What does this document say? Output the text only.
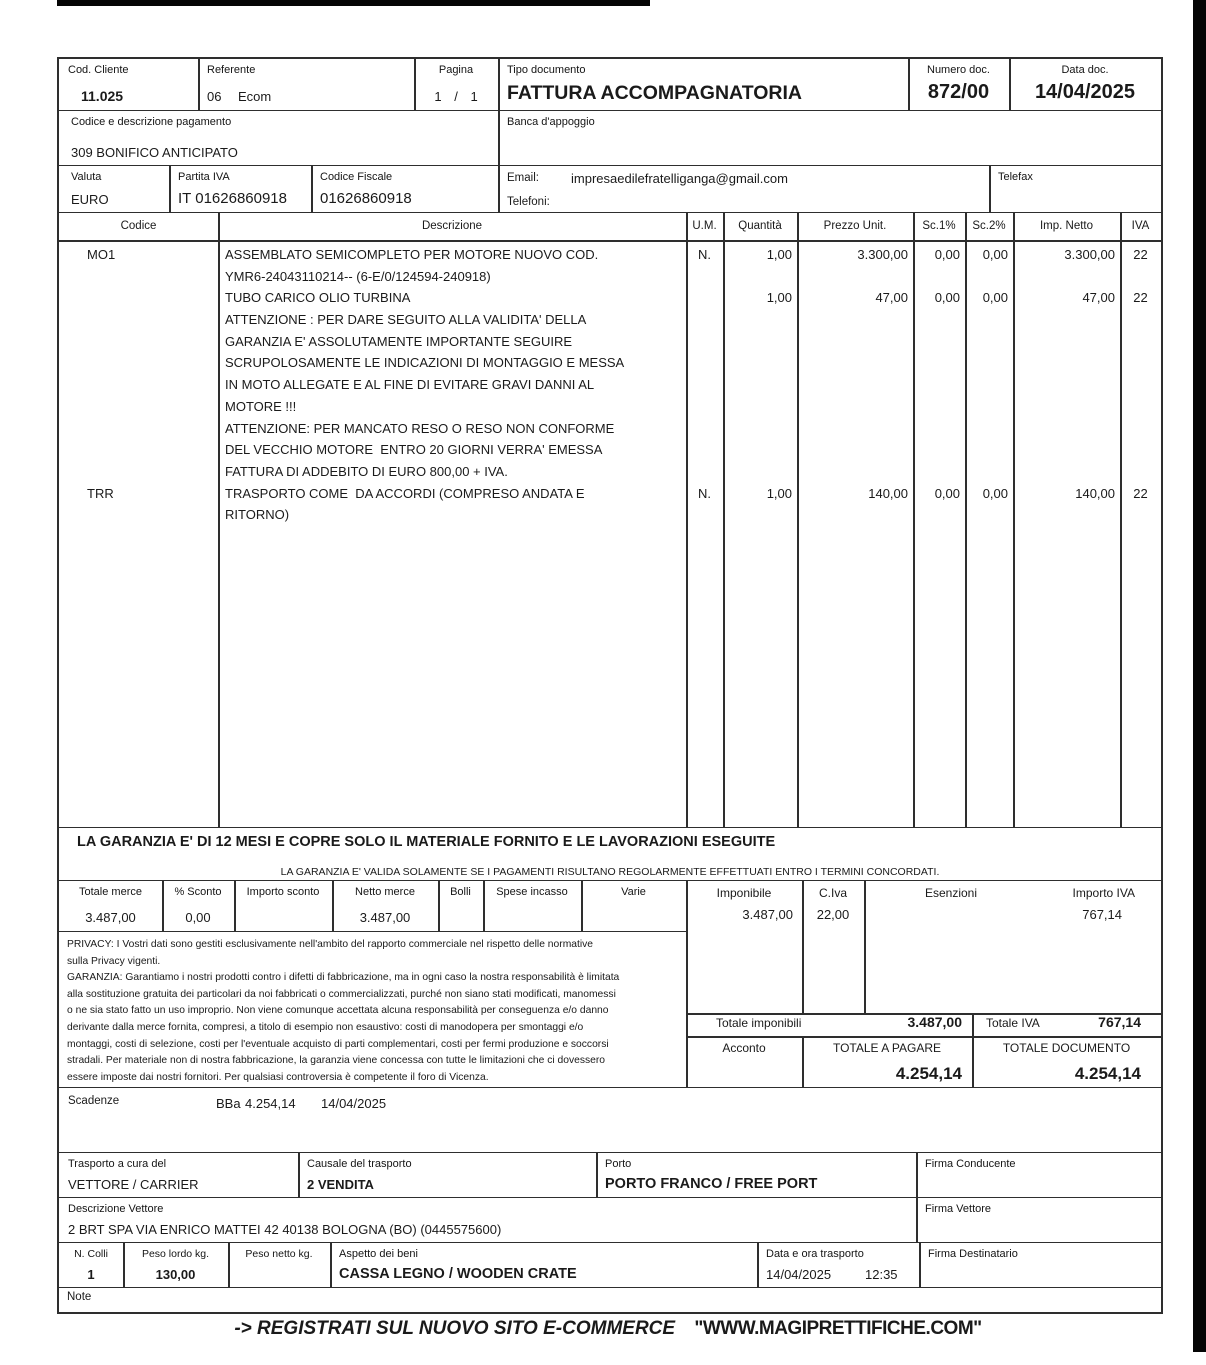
Cod. Cliente
11.025
Referente
06 Ecom
Pagina
1 / 1
Tipo documento
FATTURA ACCOMPAGNATORIA
Numero doc.
872/00
Data doc.
14/04/2025
Codice e descrizione pagamento
309 BONIFICO ANTICIPATO
Banca d'appoggio
Valuta
EURO
Partita IVA
IT 01626860918
Codice Fiscale
01626860918
Email: impresaedilefratelliganga@gmail.com
Telefoni:
Telefax
Codice	Descrizione	U.M.	Quantità	Prezzo Unit.	Sc.1%	Sc.2%	Imp. Netto	IVA
MO1	ASSEMBLATO SEMICOMPLETO PER MOTORE NUOVO COD.	N.	1,00	3.300,00	0,00	0,00	3.300,00	22
YMR6-24043110214-- (6-E/0/124594-240918)
TUBO CARICO OLIO TURBINA	1,00	47,00	0,00	0,00	47,00	22
ATTENZIONE : PER DARE SEGUITO ALLA VALIDITA' DELLA
GARANZIA E' ASSOLUTAMENTE IMPORTANTE SEGUIRE
SCRUPOLOSAMENTE LE INDICAZIONI DI MONTAGGIO E MESSA
IN MOTO ALLEGATE E AL FINE DI EVITARE GRAVI DANNI AL
MOTORE !!!
ATTENZIONE: PER MANCATO RESO O RESO NON CONFORME
DEL VECCHIO MOTORE  ENTRO 20 GIORNI VERRA' EMESSA
FATTURA DI ADDEBITO DI EURO 800,00 + IVA.
TRR	TRASPORTO COME  DA ACCORDI (COMPRESO ANDATA E	N.	1,00	140,00	0,00	0,00	140,00	22
RITORNO)
LA GARANZIA E' DI 12 MESI E COPRE SOLO IL MATERIALE FORNITO E LE LAVORAZIONI ESEGUITE
LA GARANZIA E' VALIDA SOLAMENTE SE I PAGAMENTI RISULTANO REGOLARMENTE EFFETTUATI ENTRO I TERMINI CONCORDATI.
Totale merce
3.487,00
% Sconto
0,00
Importo sconto	Netto merce
3.487,00
Bolli	Spese incasso	Varie
PRIVACY: I Vostri dati sono gestiti esclusivamente nell'ambito del rapporto commerciale nel rispetto delle normative
sulla Privacy vigenti.
GARANZIA: Garantiamo i nostri prodotti contro i difetti di fabbricazione, ma in ogni caso la nostra responsabilità è limitata
alla sostituzione gratuita dei particolari da noi fabbricati o commercializzati, purché non siano stati modificati, manomessi
o ne sia stato fatto un uso improprio. Non viene comunque accettata alcuna responsabilità per conseguenza e/o danno
derivante dalla merce fornita, compresi, a titolo di esempio non esaustivo: costi di manodopera per smontaggi e/o
montaggi, costi di selezione, costi per l'eventuale acquisto di parti complementari, costi per fermi produzione e soccorsi
stradali. Per materiale non di nostra fabbricazione, la garanzia viene concessa con tutte le limitazioni che ci dovessero
essere imposte dai nostri fornitori. Per qualsiasi controversia è competente il foro di Vicenza.
Imponibile
3.487,00
C.Iva
22,00
Esenzioni	Importo IVA
767,14
Totale imponibili	3.487,00 Totale IVA	767,14
Acconto	TOTALE A PAGARE
4.254,14
TOTALE DOCUMENTO
4.254,14
Scadenze	BBa 4.254,14 14/04/2025
Trasporto a cura del
VETTORE / CARRIER
Causale del trasporto
2 VENDITA
Porto
PORTO FRANCO / FREE PORT
Firma Conducente
Descrizione Vettore
2 BRT SPA VIA ENRICO MATTEI 42 40138 BOLOGNA (BO) (0445575600)
Firma Vettore
N. Colli
1
Peso lordo kg.
130,00
Peso netto kg.	Aspetto dei beni
CASSA LEGNO / WOODEN CRATE
Data e ora trasporto
14/04/2025	12:35
Firma Destinatario
Note
-> REGISTRATI SUL NUOVO SITO E-COMMERCE "WWW.MAGIPRETTIFICHE.COM"
